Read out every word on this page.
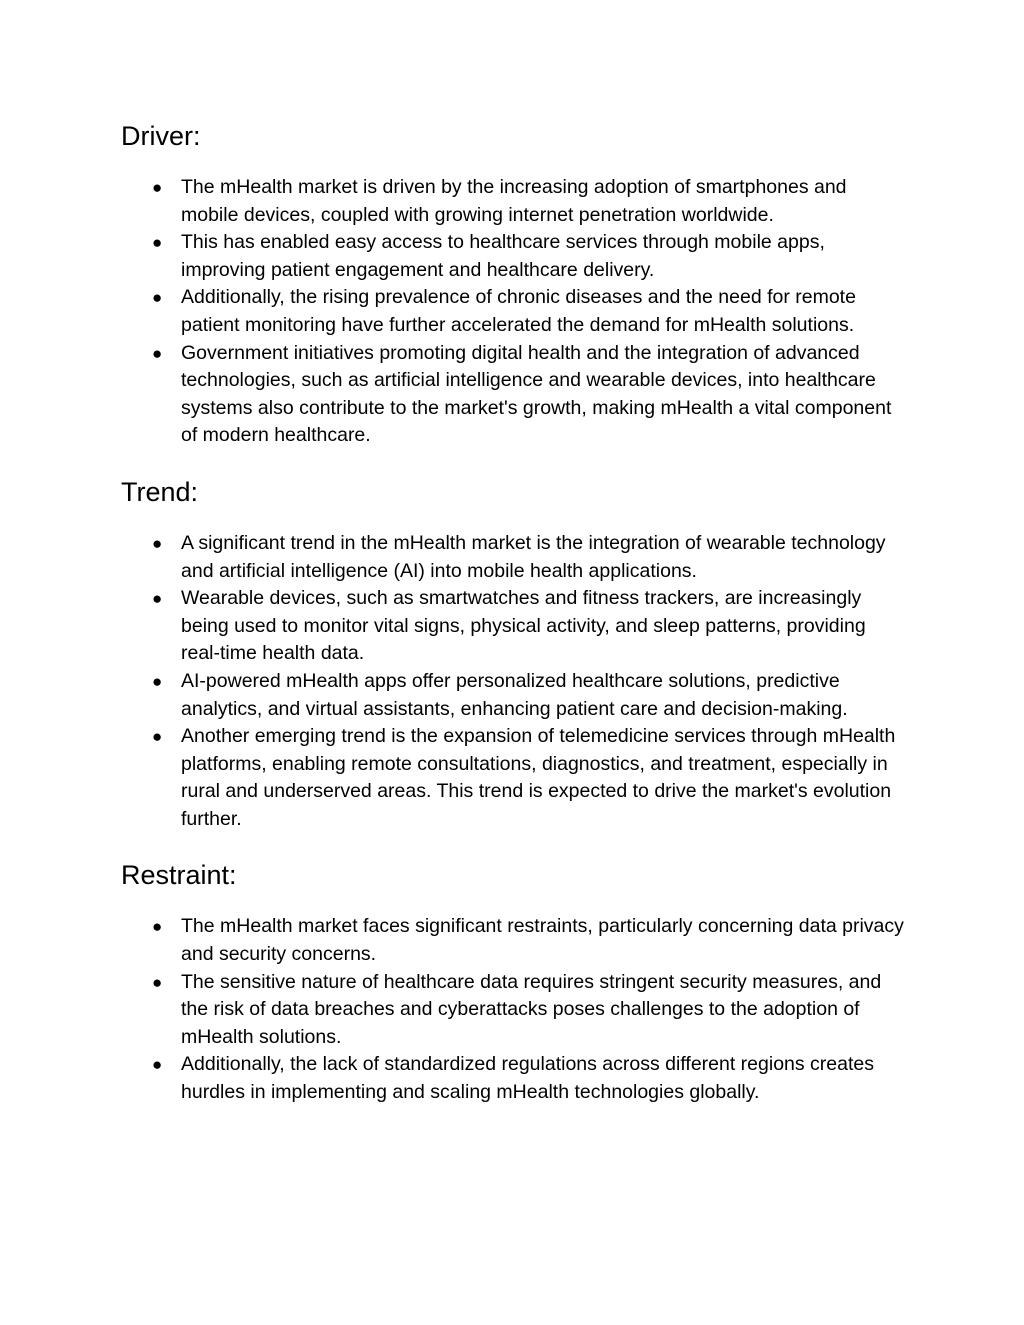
Driver:
● The mHealth market is driven by the increasing adoption of smartphones and mobile devices, coupled with growing internet penetration worldwide.
● This has enabled easy access to healthcare services through mobile apps, improving patient engagement and healthcare delivery.
● Additionally, the rising prevalence of chronic diseases and the need for remote patient monitoring have further accelerated the demand for mHealth solutions.
● Government initiatives promoting digital health and the integration of advanced technologies, such as artificial intelligence and wearable devices, into healthcare systems also contribute to the market's growth, making mHealth a vital component of modern healthcare.
Trend:
● A significant trend in the mHealth market is the integration of wearable technology and artificial intelligence (AI) into mobile health applications.
● Wearable devices, such as smartwatches and fitness trackers, are increasingly being used to monitor vital signs, physical activity, and sleep patterns, providing real-time health data.
● AI-powered mHealth apps offer personalized healthcare solutions, predictive analytics, and virtual assistants, enhancing patient care and decision-making.
● Another emerging trend is the expansion of telemedicine services through mHealth platforms, enabling remote consultations, diagnostics, and treatment, especially in rural and underserved areas. This trend is expected to drive the market's evolution further.
Restraint:
● The mHealth market faces significant restraints, particularly concerning data privacy and security concerns.
● The sensitive nature of healthcare data requires stringent security measures, and the risk of data breaches and cyberattacks poses challenges to the adoption of mHealth solutions.
● Additionally, the lack of standardized regulations across different regions creates hurdles in implementing and scaling mHealth technologies globally.
